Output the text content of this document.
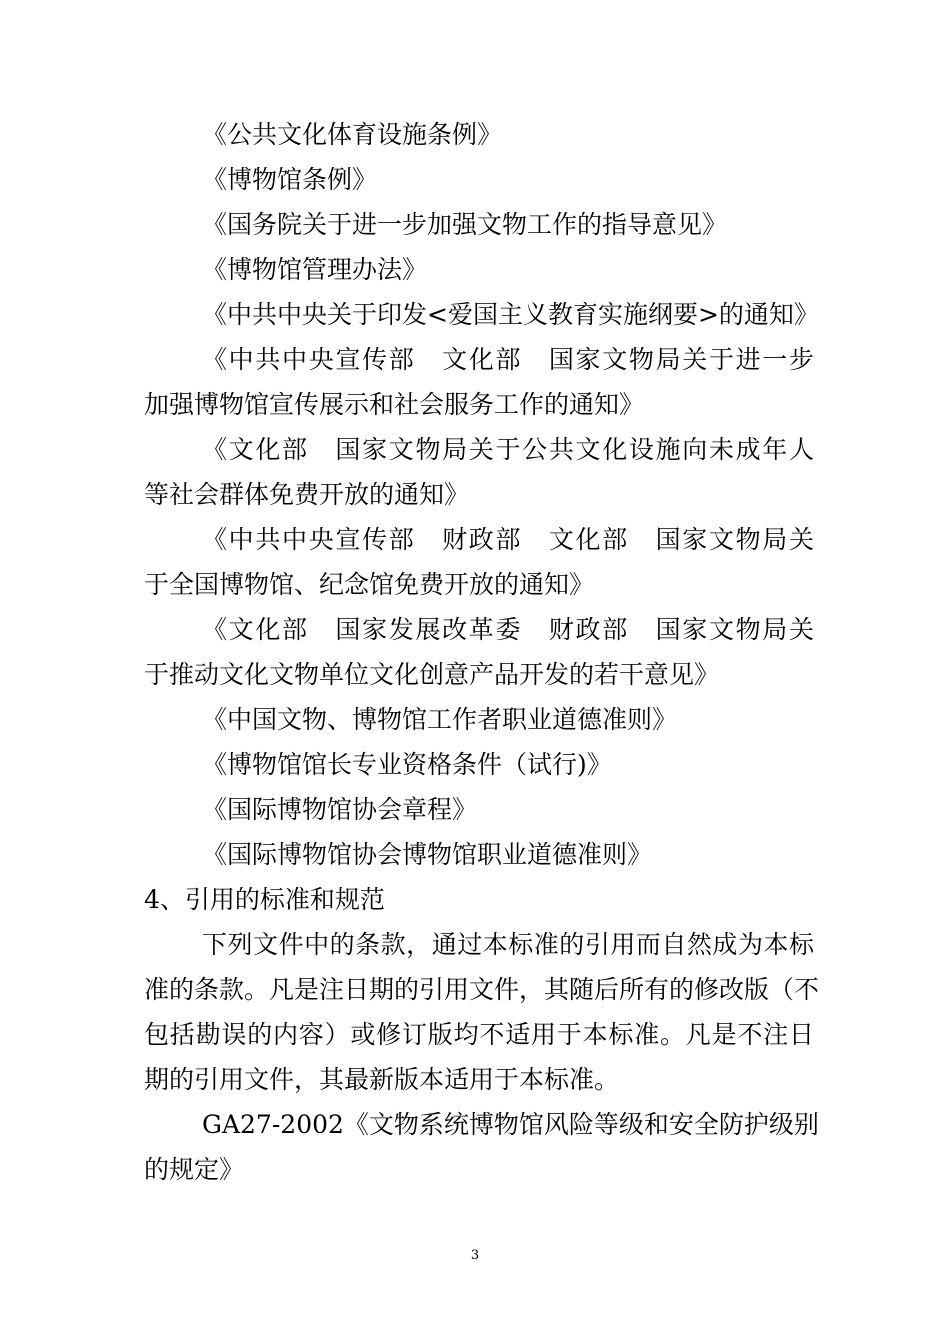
《公共文化体育设施条例》
《博物馆条例》
《国务院关于进一步加强文物工作的指导意见》
《博物馆管理办法》
《中共中央关于印发<爱国主义教育实施纲要>的通知》
《中共中央宣传部　文化部　国家文物局关于进一步
加强博物馆宣传展示和社会服务工作的通知》
《文化部　国家文物局关于公共文化设施向未成年人
等社会群体免费开放的通知》
《中共中央宣传部　财政部　文化部　国家文物局关
于全国博物馆、纪念馆免费开放的通知》
《文化部　国家发展改革委　财政部　国家文物局关
于推动文化文物单位文化创意产品开发的若干意见》
《中国文物、博物馆工作者职业道德准则》
《博物馆馆长专业资格条件（试行)》
《国际博物馆协会章程》
《国际博物馆协会博物馆职业道德准则》
4、引用的标准和规范
下列文件中的条款，通过本标准的引用而自然成为本标
准的条款。凡是注日期的引用文件，其随后所有的修改版（不
包括勘误的内容）或修订版均不适用于本标准。凡是不注日
期的引用文件，其最新版本适用于本标准。
GA27-2002《文物系统博物馆风险等级和安全防护级别
的规定》
3
